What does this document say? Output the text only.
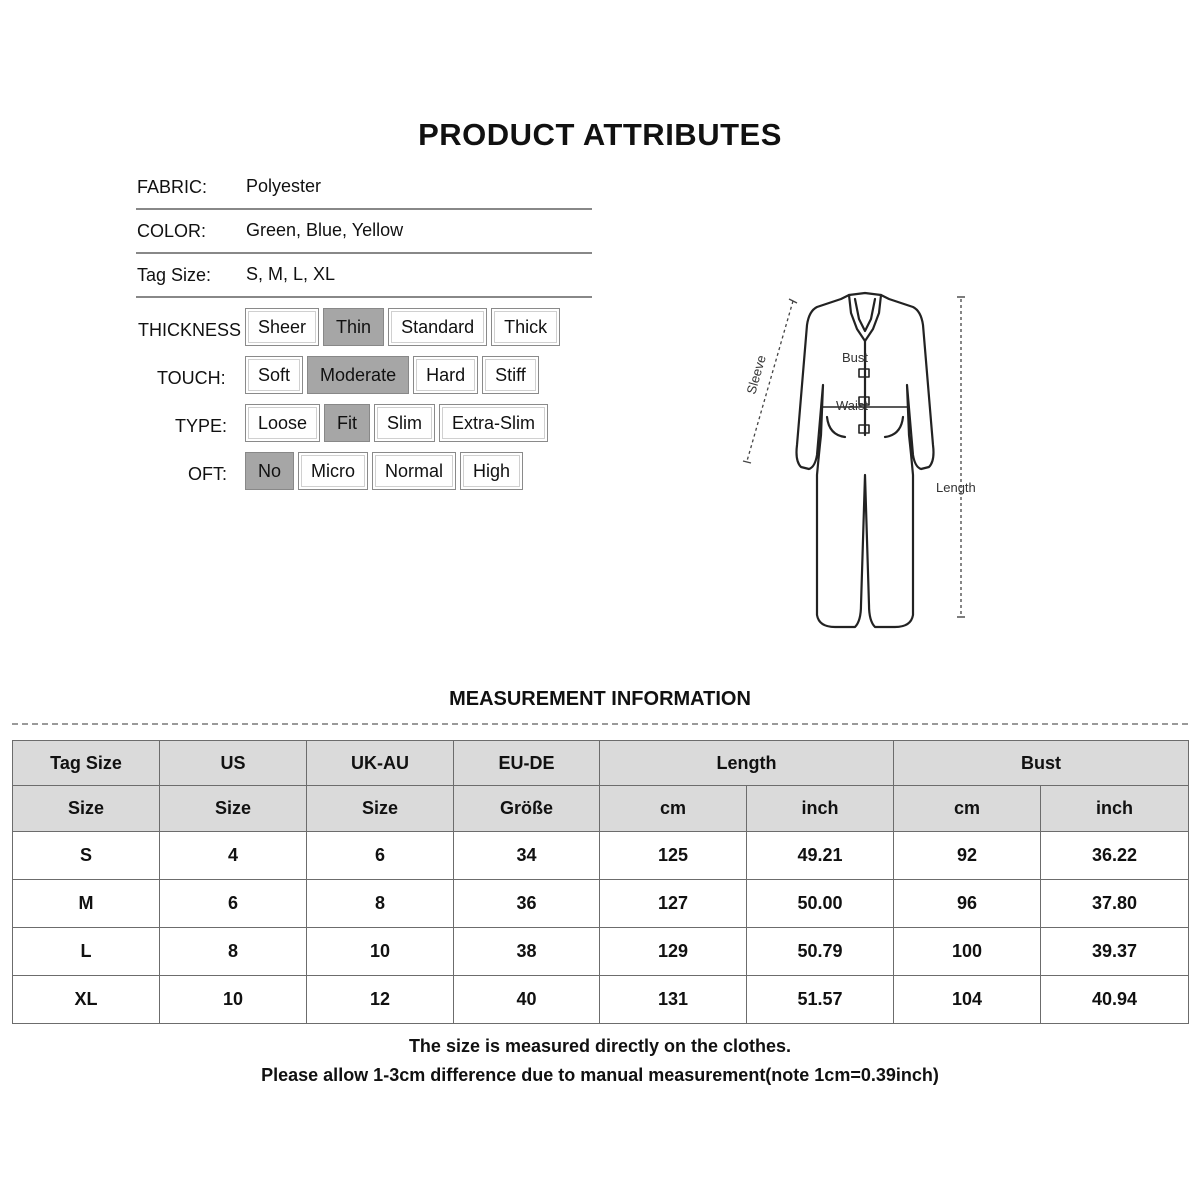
PRODUCT ATTRIBUTES
FABRIC: Polyester
COLOR: Green, Blue, Yellow
Tag Size: S, M, L, XL
THICKNESS Sheer	Thin	Standard	Thick
TOUCH:	Soft	Moderate	Hard	Stiff
TYPE:	Loose	Fit	Slim	Extra-Slim
OFT:	No	Micro	Normal	High
Sleeve	Bust
Waist
Length
MEASUREMENT INFORMATION
Tag Size	US	UK-AU	EU-DE	Length		Bust	
Size	Size	Size	Größe	cm	inch	cm	inch
S	4	6	34	125	49.21	92	36.22
M	6	8	36	127	50.00	96	37.80
L	8	10	38	129	50.79	100	39.37
XL	10	12	40	131	51.57	104	40.94
The size is measured directly on the clothes.
Please allow 1-3cm difference due to manual measurement(note 1cm=0.39inch)
